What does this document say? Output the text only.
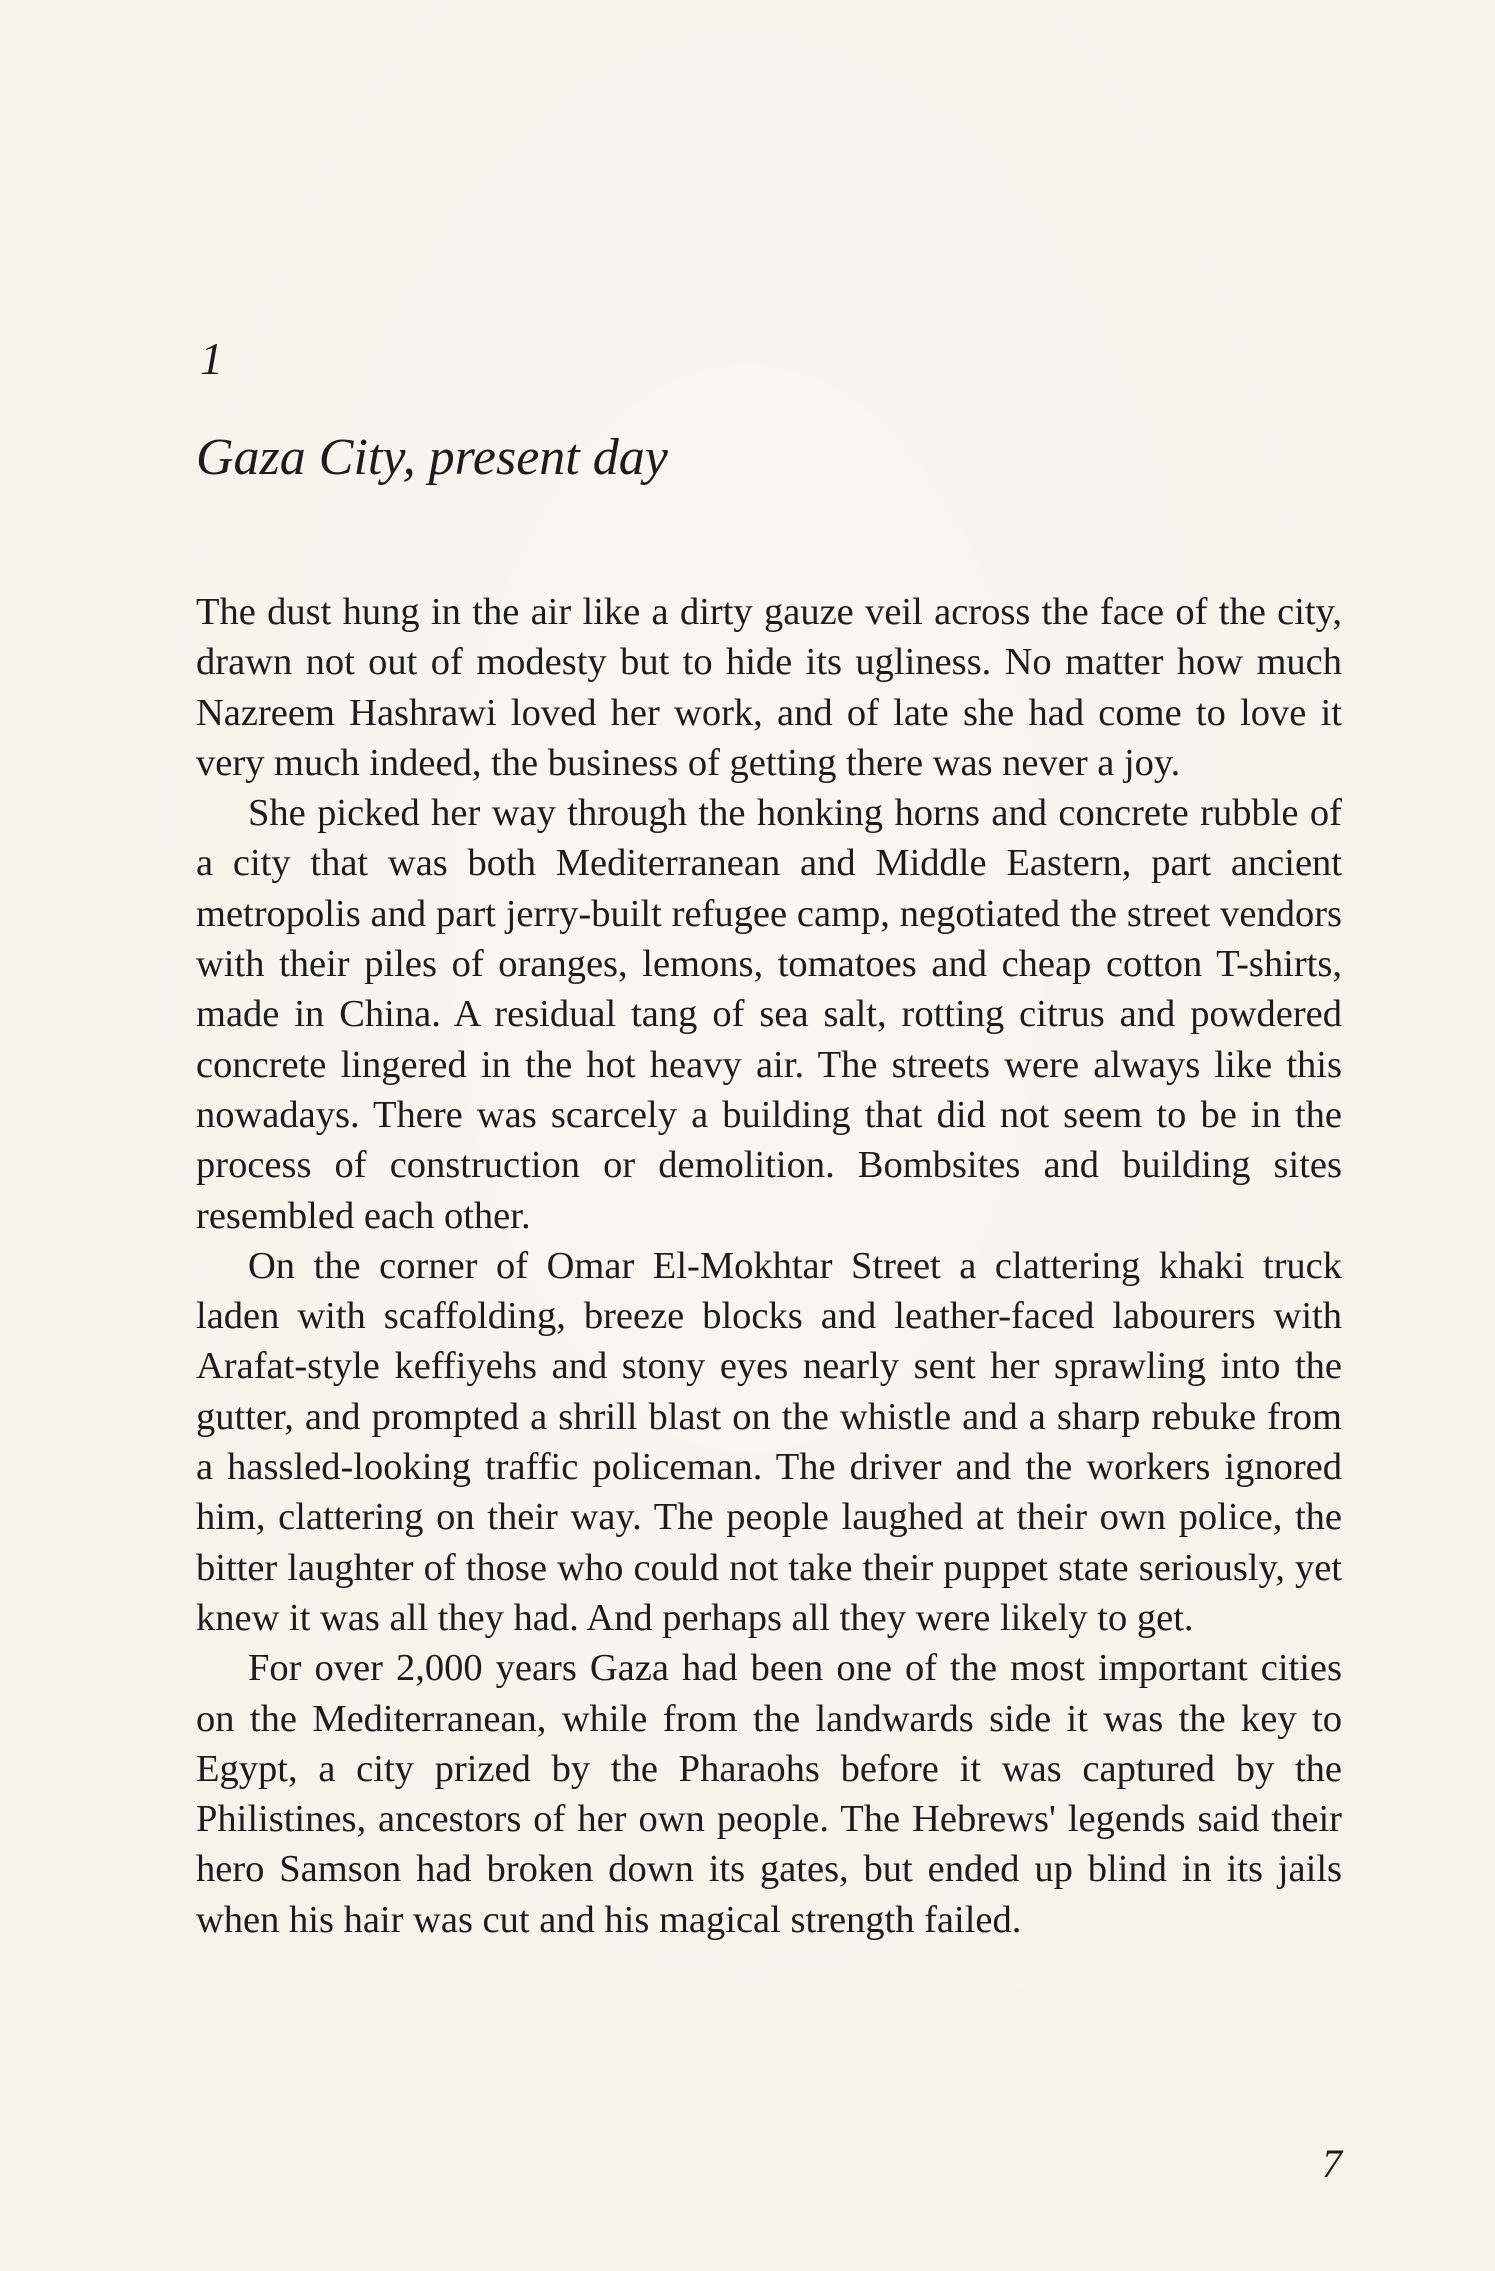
1
Gaza City, present day

The dust hung in the air like a dirty gauze veil across the face of the city, drawn not out of modesty but to hide its ugliness. No matter how much Nazreem Hashrawi loved her work, and of late she had come to love it very much indeed, the business of getting there was never a joy.

She picked her way through the honking horns and concrete rubble of a city that was both Mediterranean and Middle Eastern, part ancient metropolis and part jerry-built refugee camp, negotiated the street vendors with their piles of oranges, lemons, tomatoes and cheap cotton T-shirts, made in China. A residual tang of sea salt, rotting citrus and powdered concrete lingered in the hot heavy air. The streets were always like this nowadays. There was scarcely a building that did not seem to be in the process of construction or demolition. Bombsites and building sites resembled each other.

On the corner of Omar El-Mokhtar Street a clattering khaki truck laden with scaffolding, breeze blocks and leather-faced labourers with Arafat-style keffiyehs and stony eyes nearly sent her sprawling into the gutter, and prompted a shrill blast on the whistle and a sharp rebuke from a hassled-looking traffic policeman. The driver and the workers ignored him, clattering on their way. The people laughed at their own police, the bitter laughter of those who could not take their puppet state seriously, yet knew it was all they had. And perhaps all they were likely to get.

For over 2,000 years Gaza had been one of the most important cities on the Mediterranean, while from the landwards side it was the key to Egypt, a city prized by the Pharaohs before it was captured by the Philistines, ancestors of her own people. The Hebrews' legends said their hero Samson had broken down its gates, but ended up blind in its jails when his hair was cut and his magical strength failed.

7
